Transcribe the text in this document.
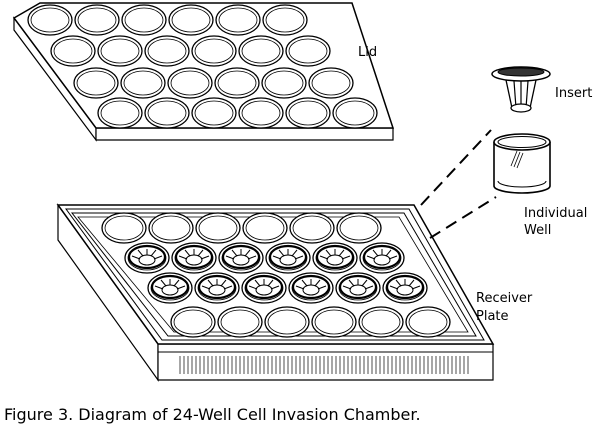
Lid
Insert
Individual
Well
Receiver
Plate
Figure 3. Diagram of 24-Well Cell Invasion Chamber.
